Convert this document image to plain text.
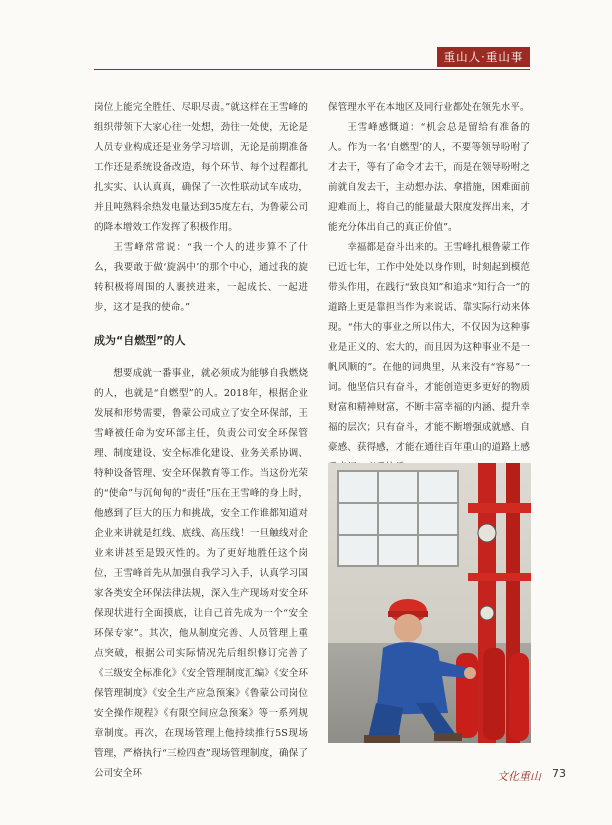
重山人·重山事

岗位上能完全胜任、尽职尽责。”就这样在王雪峰的组织带领下大家心往一处想，劲往一处使，无论是人员专业构成还是业务学习培训，无论是前期准备工作还是系统设备改造，每个环节、每个过程都扎扎实实、认认真真，确保了一次性联动试车成功，并且吨熟料余热发电量达到35度左右，为鲁蒙公司的降本增效工作发挥了积极作用。

王雪峰常常说：“我一个人的进步算不了什么，我要敢于做‘旋涡中’的那个中心，通过我的旋转积极将周围的人裹挟进来，一起成长、一起进步，这才是我的使命。”

成为“自燃型”的人

想要成就一番事业，就必须成为能够自我燃烧的人，也就是“自燃型”的人。2018年，根据企业发展和形势需要，鲁蒙公司成立了安全环保部，王雪峰被任命为安环部主任，负责公司安全环保管理、制度建设、安全标准化建设、业务关系协调、特种设备管理、安全环保教育等工作。当这份光荣的“使命”与沉甸甸的“责任”压在王雪峰的身上时，他感到了巨大的压力和挑战，安全工作谁都知道对企业来讲就是红线、底线、高压线！一旦触线对企业来讲甚至是毁灭性的。为了更好地胜任这个岗位，王雪峰首先从加强自我学习入手，认真学习国家各类安全环保法律法规，深入生产现场对安全环保现状进行全面摸底，让自己首先成为一个“安全环保专家”。其次，他从制度完善、人员管理上重点突破，根据公司实际情况先后组织修订完善了《三级安全标准化》《安全管理制度汇编》《安全环保管理制度》《安全生产应急预案》《鲁蒙公司岗位安全操作规程》《有限空间应急预案》等一系列规章制度。再次，在现场管理上他持续推行5S现场管理，严格执行“三检四查”现场管理制度，确保了公司安全环

保管理水平在本地区及同行业都处在领先水平。

王雪峰感慨道：“机会总是留给有准备的人。作为一名‘自燃型’的人，不要等领导吩咐了才去干，等有了命令才去干，而是在领导吩咐之前就自发去干，主动想办法、拿措施，困难面前迎难而上，将自己的能量最大限度发挥出来，才能充分体出自己的真正价值”。

幸福都是奋斗出来的。王雪峰扎根鲁蒙工作已近七年，工作中处处以身作则，时刻起到模范带头作用，在践行“致良知”和追求“知行合一”的道路上更是靠担当作为来说话、靠实际行动来体现。“伟大的事业之所以伟大，不仅因为这种事业是正义的、宏大的，而且因为这种事业不是一帆风顺的”。在他的词典里，从来没有“容易”一词。他坚信只有奋斗，才能创造更多更好的物质财富和精神财富，不断丰富幸福的内涵、提升幸福的层次；只有奋斗，才能不断增强成就感、自豪感、获得感，才能在通往百年重山的道路上感

文化重山 73
